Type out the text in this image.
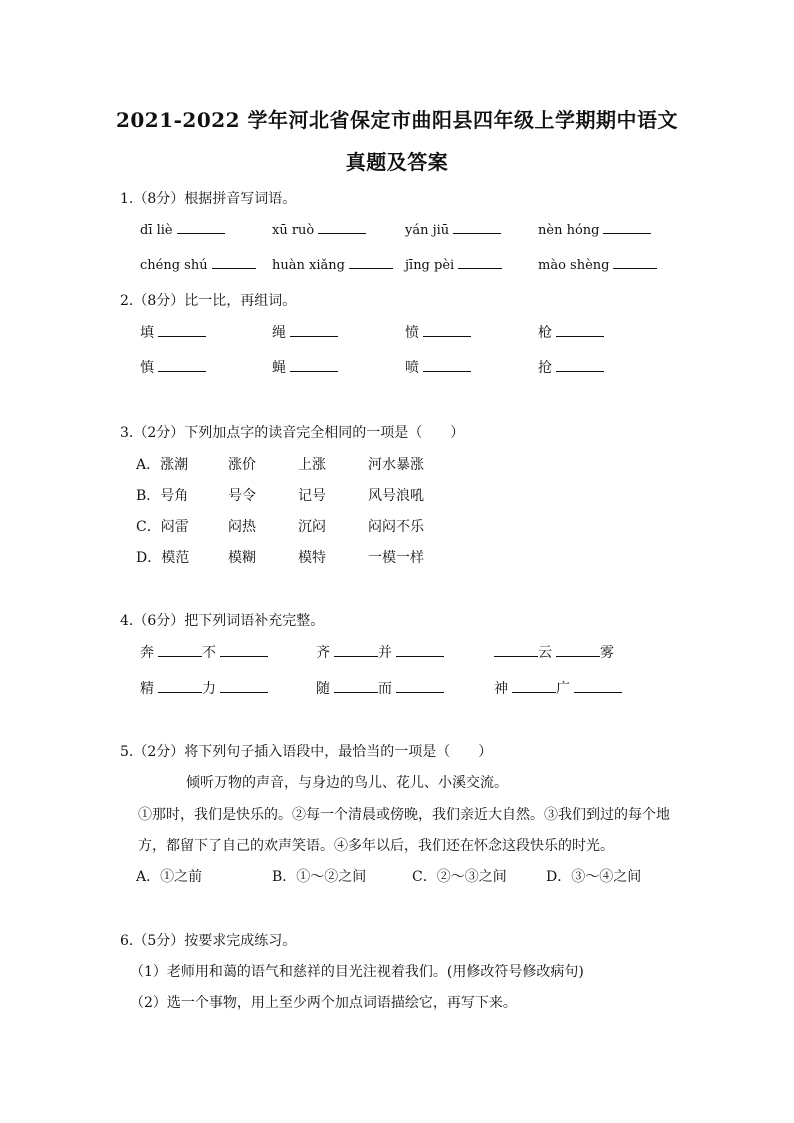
2021-2022 学年河北省保定市曲阳县四年级上学期期中语文
真题及答案
1.（8分）根据拼音写词语。
dī liè	xū ruò	yán jiū	nèn hóng
chéng shú	huàn xiǎng	jīng pèi	mào shèng
2.（8分）比一比，再组词。
填	绳	愤	枪
慎	蝇	喷	抢
3.（2分）下列加点字的读音完全相同的一项是（　　）
A．涨潮	涨价	上涨	河水暴涨
B．号角	号令	记号	风号浪吼
C．闷雷	闷热	沉闷	闷闷不乐
D．模范	模糊	模特	一模一样
4.（6分）把下列词语补充完整。
奔	不	齐	并	云	雾
精	力	随	而	神	广
5.（2分）将下列句子插入语段中，最恰当的一项是（　　）
倾听万物的声音，与身边的鸟儿、花儿、小溪交流。
①那时，我们是快乐的。②每一个清晨或傍晚，我们亲近大自然。③我们到过的每个地
方，都留下了自己的欢声笑语。④多年以后，我们还在怀念这段快乐的时光。
A．①之前	B．①～②之间	C．②～③之间	D．③～④之间
6.（5分）按要求完成练习。
（1）老师用和蔼的语气和慈祥的目光注视着我们。(用修改符号修改病句)
（2）选一个事物，用上至少两个加点词语描绘它，再写下来。
